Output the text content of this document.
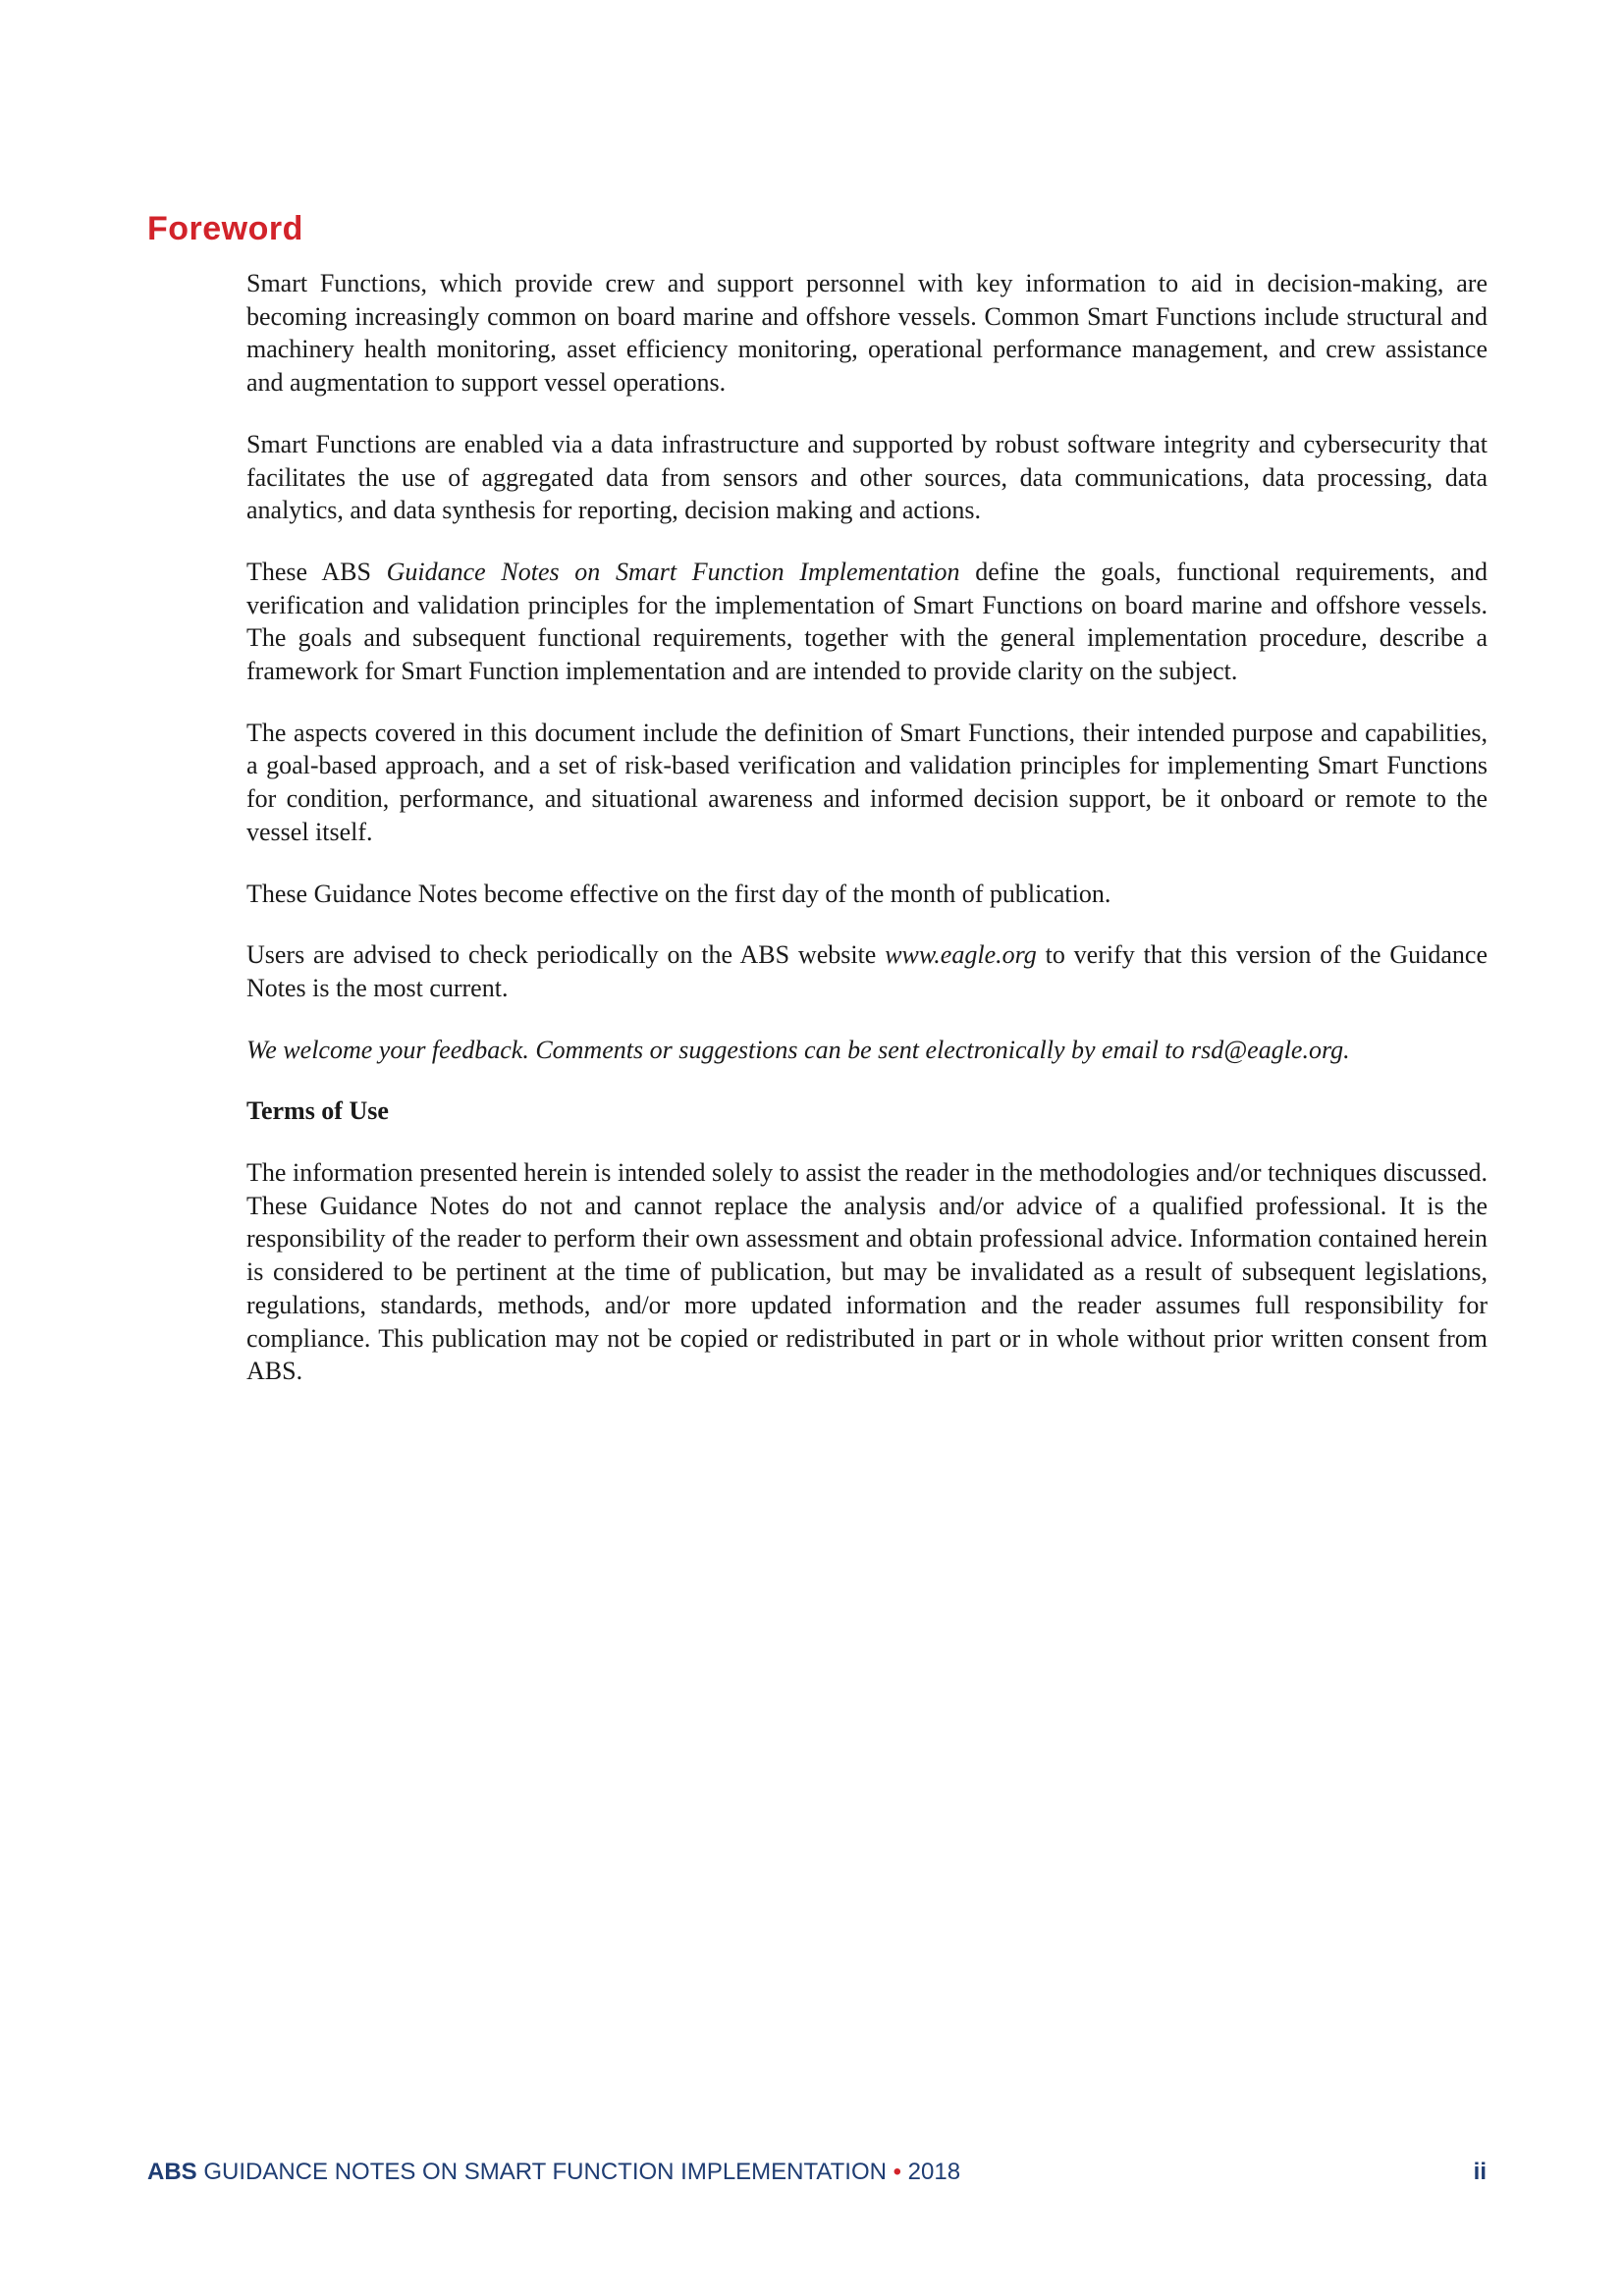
Foreword

Smart Functions, which provide crew and support personnel with key information to aid in decision-making, are becoming increasingly common on board marine and offshore vessels. Common Smart Functions include structural and machinery health monitoring, asset efficiency monitoring, operational performance management, and crew assistance and augmentation to support vessel operations.

Smart Functions are enabled via a data infrastructure and supported by robust software integrity and cybersecurity that facilitates the use of aggregated data from sensors and other sources, data communications, data processing, data analytics, and data synthesis for reporting, decision making and actions.

These ABS Guidance Notes on Smart Function Implementation define the goals, functional requirements, and verification and validation principles for the implementation of Smart Functions on board marine and offshore vessels. The goals and subsequent functional requirements, together with the general implementation procedure, describe a framework for Smart Function implementation and are intended to provide clarity on the subject.

The aspects covered in this document include the definition of Smart Functions, their intended purpose and capabilities, a goal-based approach, and a set of risk-based verification and validation principles for implementing Smart Functions for condition, performance, and situational awareness and informed decision support, be it onboard or remote to the vessel itself.

These Guidance Notes become effective on the first day of the month of publication.

Users are advised to check periodically on the ABS website www.eagle.org to verify that this version of the Guidance Notes is the most current.

We welcome your feedback. Comments or suggestions can be sent electronically by email to rsd@eagle.org.

Terms of Use

The information presented herein is intended solely to assist the reader in the methodologies and/or techniques discussed. These Guidance Notes do not and cannot replace the analysis and/or advice of a qualified professional. It is the responsibility of the reader to perform their own assessment and obtain professional advice. Information contained herein is considered to be pertinent at the time of publication, but may be invalidated as a result of subsequent legislations, regulations, standards, methods, and/or more updated information and the reader assumes full responsibility for compliance. This publication may not be copied or redistributed in part or in whole without prior written consent from ABS.

ABS GUIDANCE NOTES ON SMART FUNCTION IMPLEMENTATION • 2018	ii
